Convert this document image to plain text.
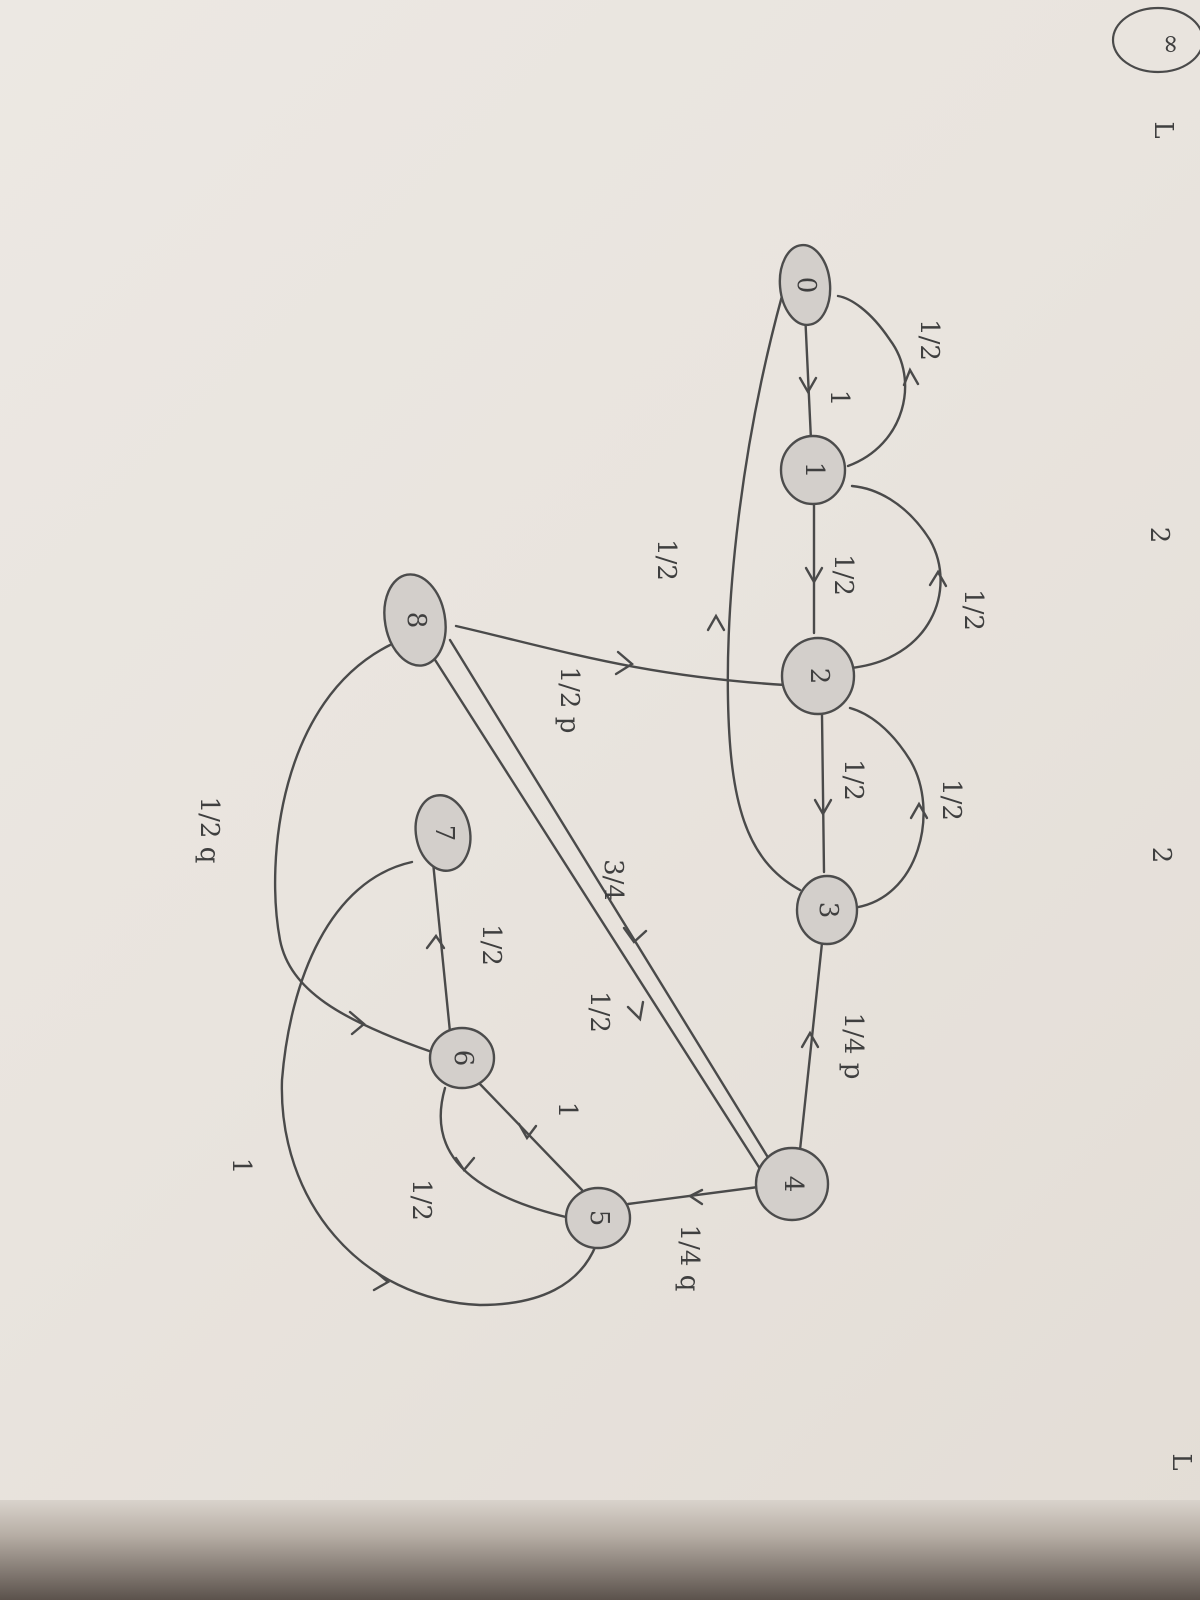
0
1
2
3
4
5
6
7
8
1
1/2
1/2
1/2
1/2	1/2
1/2
1/4 p
1/4 q
3/4
1/2
1/2 p
1/2 q
1
1/2
1/2
1
∞
L
2
2
L
